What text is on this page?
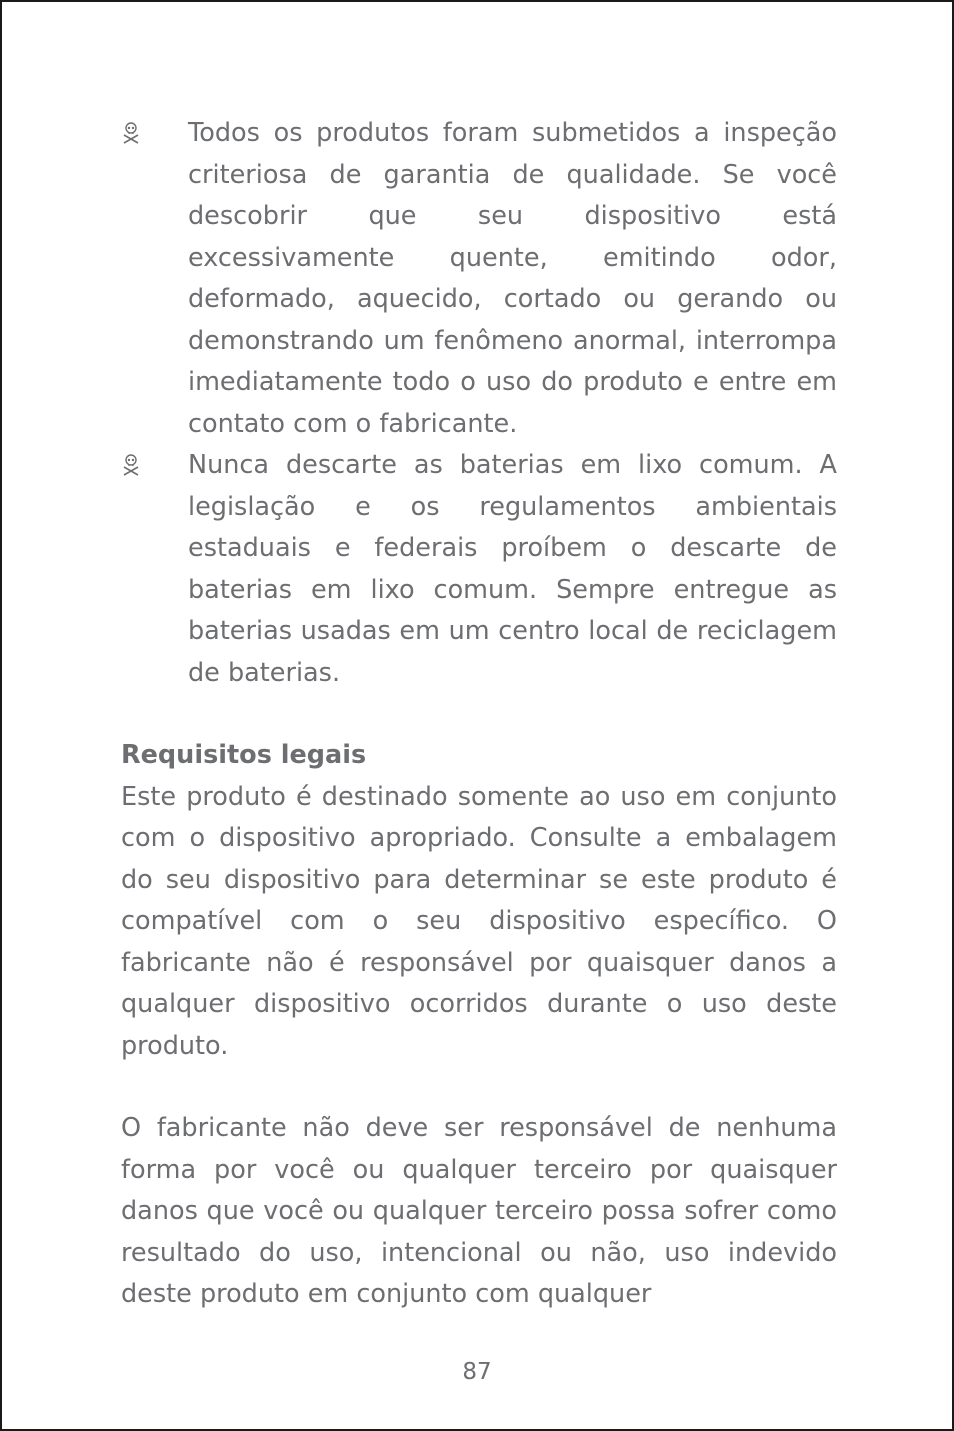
Todos os produtos foram submetidos a inspeção criteriosa de garantia de qualidade. Se você descobrir que seu dispositivo está excessivamente quente, emitindo odor, deformado, aquecido, cortado ou gerando ou demonstrando um fenômeno anormal, interrompa imediatamente todo o uso do produto e entre em contato com o fabricante.

Nunca descarte as baterias em lixo comum. A legislação e os regulamentos ambientais estaduais e federais proíbem o descarte de baterias em lixo comum. Sempre entregue as baterias usadas em um centro local de reciclagem de baterias.

Requisitos legais

Este produto é destinado somente ao uso em conjunto com o dispositivo apropriado. Consulte a embalagem do seu dispositivo para determinar se este produto é compatível com o seu dispositivo específico. O fabricante não é responsável por quaisquer danos a qualquer dispositivo ocorridos durante o uso deste produto.

O fabricante não deve ser responsável de nenhuma forma por você ou qualquer terceiro por quaisquer danos que você ou qualquer terceiro possa sofrer como resultado do uso, intencional ou não, uso indevido deste produto em conjunto com qualquer

87
